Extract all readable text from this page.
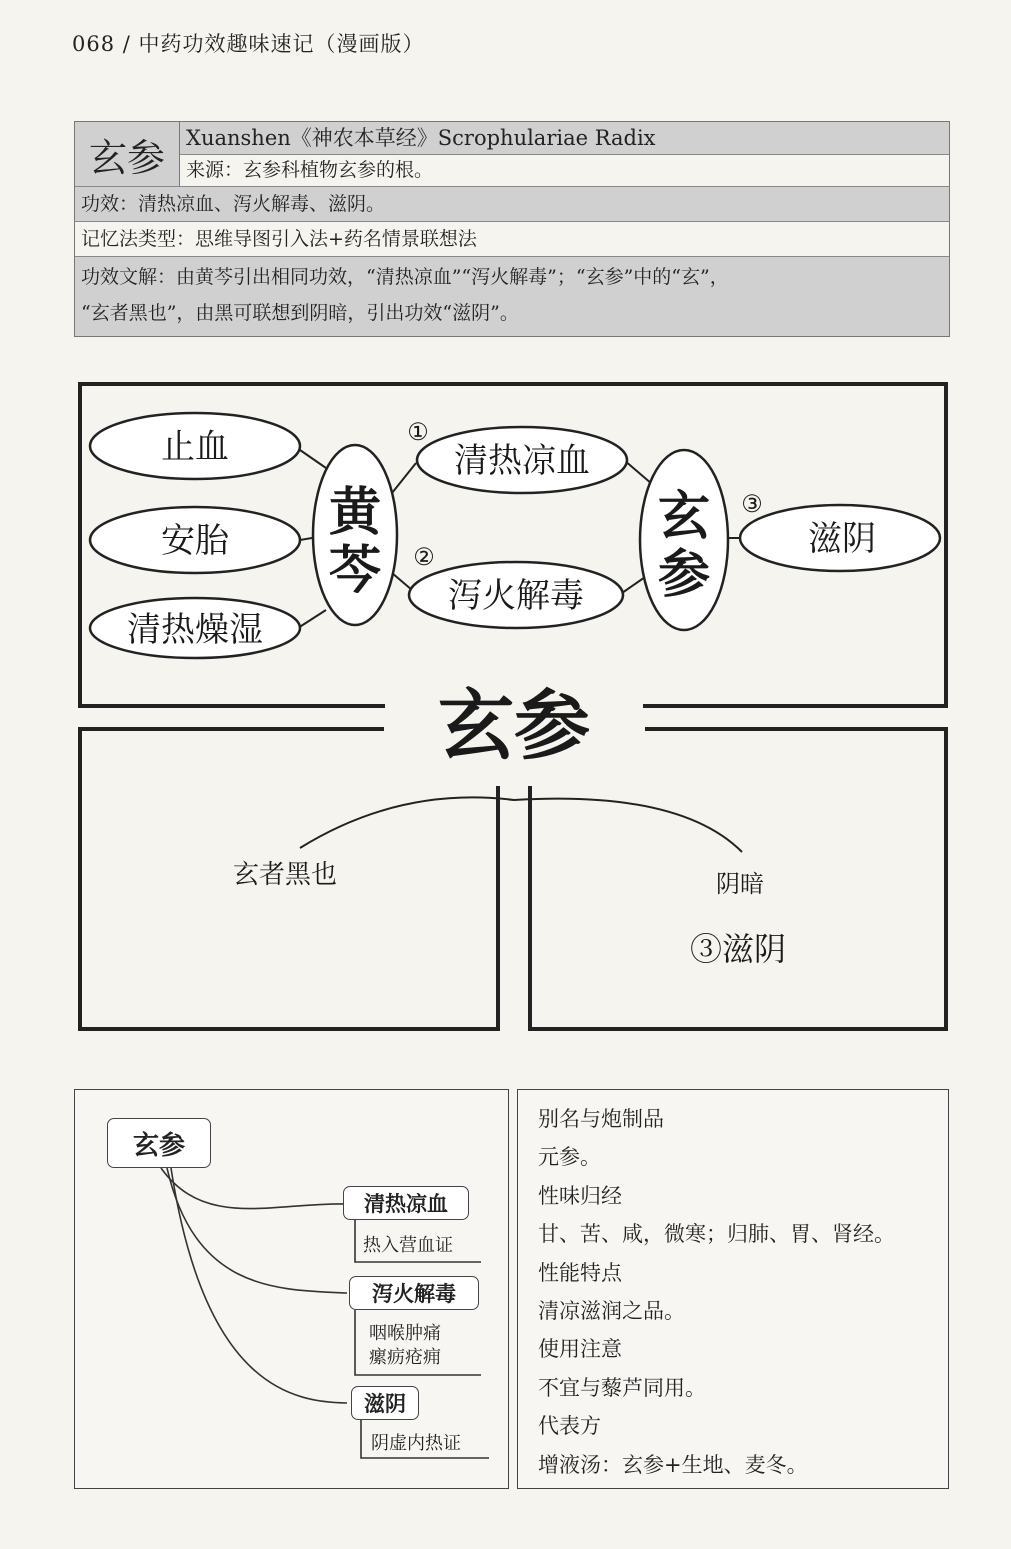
068 / 中药功效趣味速记（漫画版）
玄参	Xuanshen《神农本草经》Scrophulariae Radix
来源：玄参科植物玄参的根。
功效：清热凉血、泻火解毒、滋阴。
记忆法类型：思维导图引入法+药名情景联想法
功效文解：由黄芩引出相同功效，“清热凉血”“泻火解毒”；“玄参”中的“玄”，
“玄者黑也”，由黑可联想到阴暗，引出功效“滋阴”。
止血
安胎
清热燥湿
黄
芩
①
清热凉血
②
泻火解毒
玄
参
③
滋阴
玄参
玄者黑也	阴暗
③滋阴
玄参
清热凉血
热入营血证
泻火解毒
咽喉肿痛
瘰疬疮痈
滋阴
阴虚内热证
别名与炮制品
元参。
性味归经
甘、苦、咸，微寒；归肺、胃、肾经。
性能特点
清凉滋润之品。
使用注意
不宜与藜芦同用。
代表方
增液汤：玄参+生地、麦冬。
